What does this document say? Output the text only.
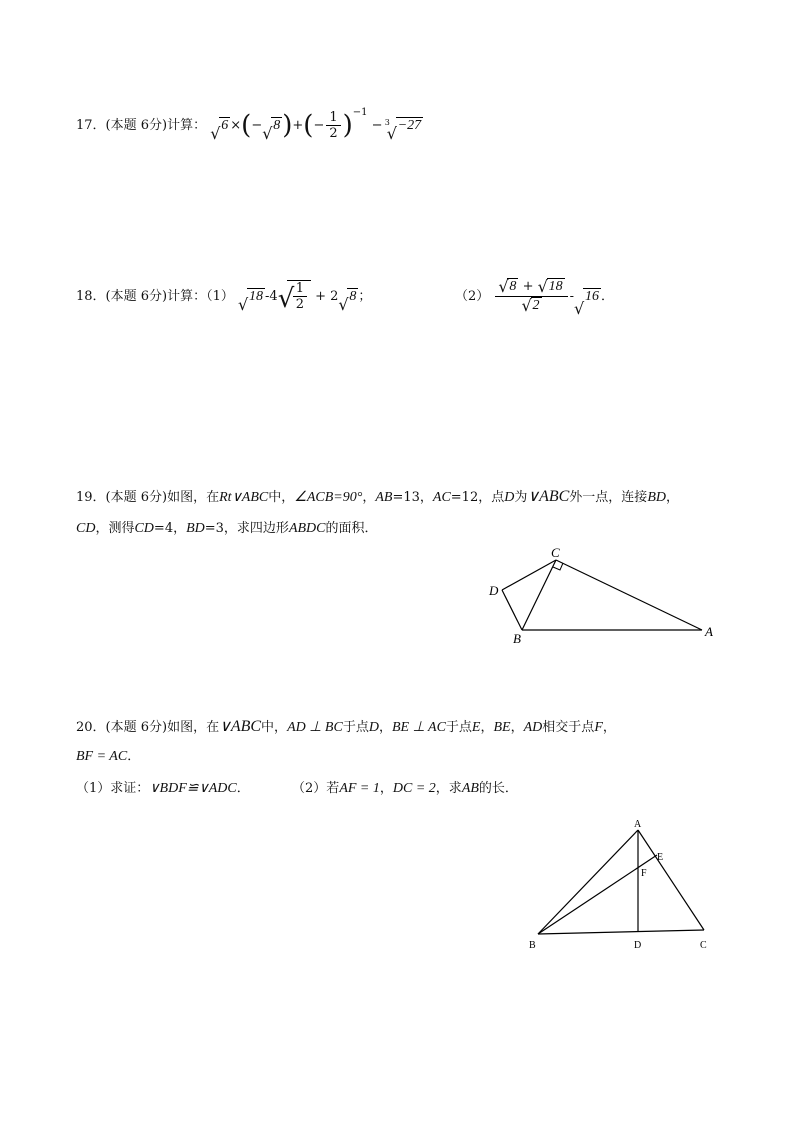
17．(本题 6分)计算： √ 6 ×(− √ $8)+(- \frac{1}{2} )^{-1} - 3$
√ −27
18．(本题 6分)计算：（1） √ 18 -4 √
$\frac{1}{2} + 2$ √ 8 ；	$(2) \frac{√ 8 + √ 18}{√ 2}$ -
√
16 ．
19．(本题 6分)如图，在Rt∨ABC中，∠ACB=90°，AB=13，AC=12，点D为∨ABC外一点，连接BD，
CD，测得CD=4，BD=3，求四边形ABDC的面积．
C
D
B	A
20．(本题 6分)如图，在∨ABC中，AD ⊥ BC于点D，BE ⊥ AC于点E，BE，AD相交于点F，
BF = AC．
（1）求证：∨BDF≌∨ADC．	（2）若AF = 1，DC = 2，求AB的长．
A
E
F
B	D	C
